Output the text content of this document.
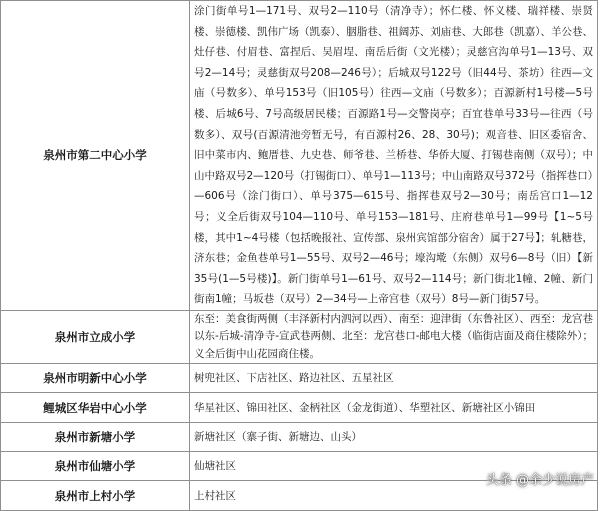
泉州市第二中心小学	涂门街单号1—171号、双号2—110号（清净寺）；怀仁楼、怀义楼、瑞祥楼、崇贤楼、崇德楼、凯伟广场（凯泰）、胭脂巷、祖阔苏、刘庙巷、大郎巷（凯嘉）、羊公巷、灶仔巷、付眉巷、富捏后、吴眉埕、南岳后街（文光楼）；灵慈宫沟单号1—13号、双号2—14号；灵慈街双号208—246号）；后城双号122号（旧44号、茶坊）往西—文庙（号数多）、单号153号（旧105号）往西—文庙（号数多）；百源新村1号楼—5号楼、后城6号、7号高级居民楼；百源路1号—交警岗亭；百宜巷单号33号—往西（号数多）、双号(百源清池旁暂无号，有百源村26、28、30号)；观音巷、旧区委宿舍、旧中菜市内、鲍厝巷、九史巷、师爷巷、兰桥巷、华侨大厦、打锡巷南侧（双号）；中山中路双号2—120号（打锡街口）、单号1—113号；中山南路双号372号（指挥巷口）—606号（涂门街口）、单号375—615号、指挥巷双号2—30号；南岳宫口1—12号；义全后街双号104—110号、单号153—181号、庄府巷单号1—99号【1~5号楼，其中1~4号楼（包括晚报社、宣传部、泉州宾馆部分宿舍）属于27号】；轧糖巷，济东巷；金鱼巷单号1—55号、双号2—46号；壕沟墘（东侧）双号6—8号（旧）【新35号(1—5号楼)】。新门街单号1—61号、双号2—114号；新门街北1幢、2幢、新门街南1幢；马坂巷（双号）2—34号—上帝宫巷（双号）8号—新门街57号。
泉州市立成小学	东至：美食街两侧（丰泽新村内泗河以西）、南至：迎津街（东鲁社区）、西至：龙宫巷以东-后城-清净寺-宣武巷两侧、北至：龙宫巷口-邮电大楼（临街店面及商住楼除外）；义全后街中山花园商住楼。
泉州市明新中心小学	树兜社区、下店社区、路边社区、五星社区
鲤城区华岩中心小学	华星社区、锦田社区、金柄社区（金龙街道）、华塑社区、新塘社区小锦田
泉州市新塘小学	新塘社区（寨子街、新塘边、山头）
泉州市仙塘小学	仙塘社区
泉州市上村小学	上村社区
头条 @余少说房产
